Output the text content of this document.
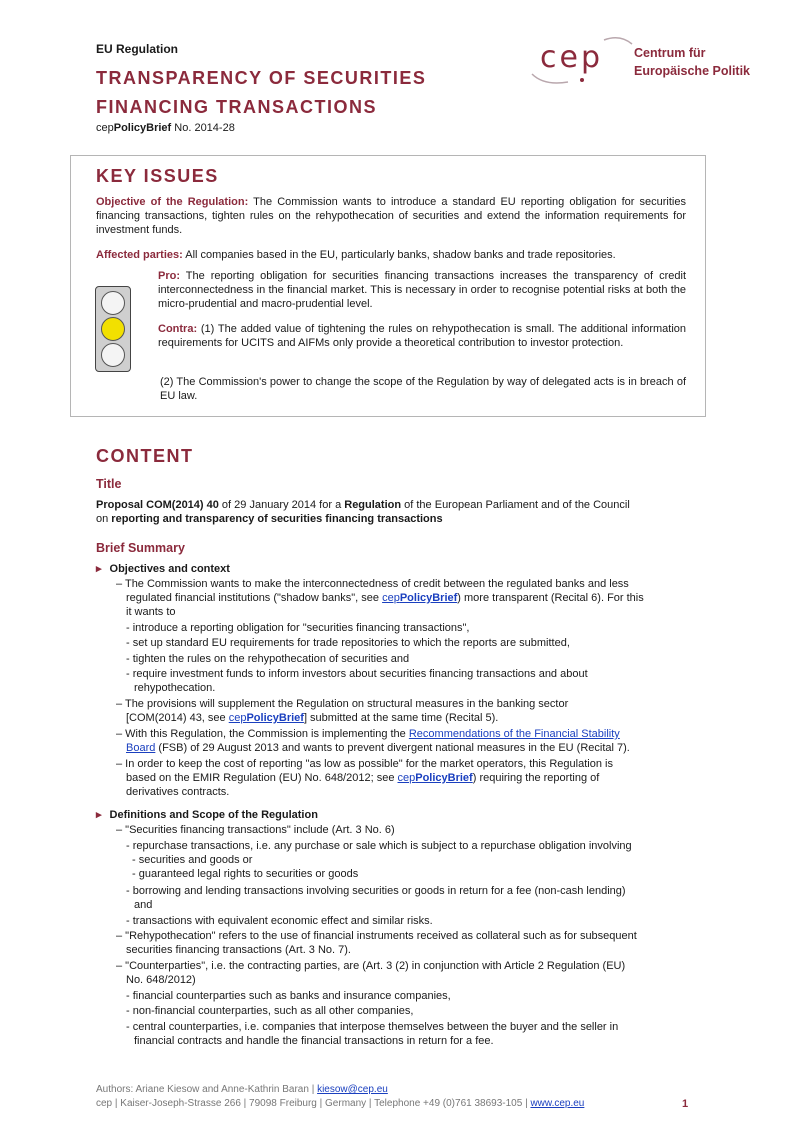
EU Regulation
TRANSPARENCY OF SECURITIES
FINANCING TRANSACTIONS
cepPolicyBrief No. 2014-28
cep Centrum für
Europäische Politik
KEY ISSUES
Objective of the Regulation: The Commission wants to introduce a standard EU reporting obligation for securities financing transactions, tighten rules on the rehypothecation of securities and extend the information requirements for investment funds.
Affected parties: All companies based in the EU, particularly banks, shadow banks and trade repositories.
Pro: The reporting obligation for securities financing transactions increases the transparency of credit interconnectedness in the financial market. This is necessary in order to recognise potential risks at both the micro-prudential and macro-prudential level.
Contra: (1) The added value of tightening the rules on rehypothecation is small. The additional information requirements for UCITS and AIFMs only provide a theoretical contribution to investor protection.
(2) The Commission's power to change the scope of the Regulation by way of delegated acts is in breach of EU law.
CONTENT
Title
Proposal COM(2014) 40 of 29 January 2014 for a Regulation of the European Parliament and of the Council
on reporting and transparency of securities financing transactions
Brief Summary
▸ Objectives and context
– The Commission wants to make the interconnectedness of credit between the regulated banks and less
regulated financial institutions ("shadow banks", see cepPolicyBrief) more transparent (Recital 6). For this
it wants to
- introduce a reporting obligation for "securities financing transactions",
- set up standard EU requirements for trade repositories to which the reports are submitted,
- tighten the rules on the rehypothecation of securities and
- require investment funds to inform investors about securities financing transactions and about
rehypothecation.
– The provisions will supplement the Regulation on structural measures in the banking sector
[COM(2014) 43, see cepPolicyBrief] submitted at the same time (Recital 5).
– With this Regulation, the Commission is implementing the Recommendations of the Financial Stability
Board (FSB) of 29 August 2013 and wants to prevent divergent national measures in the EU (Recital 7).
– In order to keep the cost of reporting "as low as possible" for the market operators, this Regulation is
based on the EMIR Regulation (EU) No. 648/2012; see cepPolicyBrief) requiring the reporting of
derivatives contracts.
▸ Definitions and Scope of the Regulation
– "Securities financing transactions" include (Art. 3 No. 6)
- repurchase transactions, i.e. any purchase or sale which is subject to a repurchase obligation involving
- securities and goods or
- guaranteed legal rights to securities or goods
- borrowing and lending transactions involving securities or goods in return for a fee (non-cash lending)
and
- transactions with equivalent economic effect and similar risks.
– "Rehypothecation" refers to the use of financial instruments received as collateral such as for subsequent
securities financing transactions (Art. 3 No. 7).
– "Counterparties", i.e. the contracting parties, are (Art. 3 (2) in conjunction with Article 2 Regulation (EU)
No. 648/2012)
- financial counterparties such as banks and insurance companies,
- non-financial counterparties, such as all other companies,
- central counterparties, i.e. companies that interpose themselves between the buyer and the seller in
financial contracts and handle the financial transactions in return for a fee.
Authors: Ariane Kiesow and Anne-Kathrin Baran | kiesow@cep.eu
cep | Kaiser-Joseph-Strasse 266 | 79098 Freiburg | Germany | Telephone +49 (0)761 38693-105 | www.cep.eu	1
